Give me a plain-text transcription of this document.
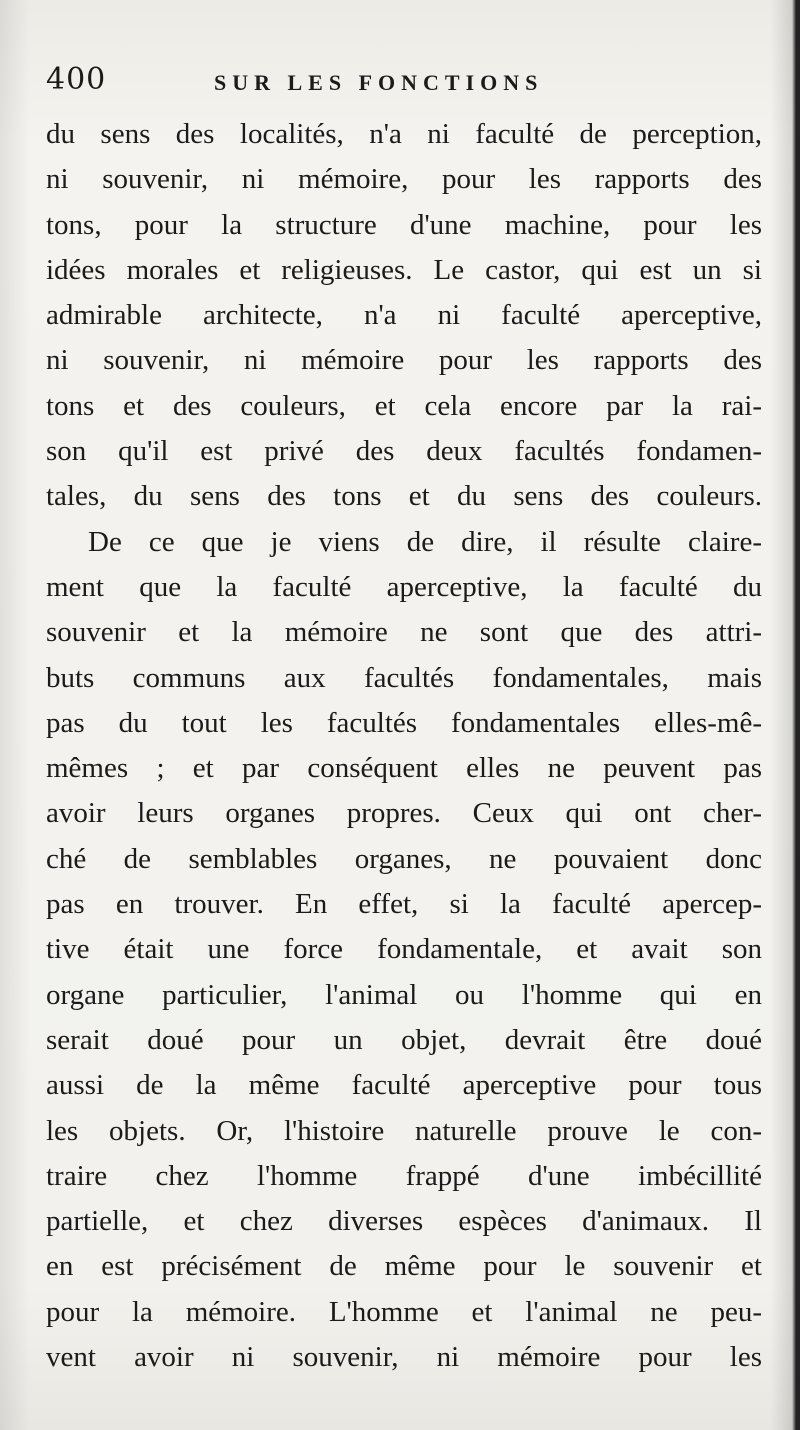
400	SUR LES FONCTIONS
du sens des localités, n'a ni faculté de perception,
ni souvenir, ni mémoire, pour les rapports des
tons, pour la structure d'une machine, pour les
idées morales et religieuses. Le castor, qui est un si
admirable architecte, n'a ni faculté aperceptive,
ni souvenir, ni mémoire pour les rapports des
tons et des couleurs, et cela encore par la rai-
son qu'il est privé des deux facultés fondamen-
tales, du sens des tons et du sens des couleurs.
De ce que je viens de dire, il résulte claire-
ment que la faculté aperceptive, la faculté du
souvenir et la mémoire ne sont que des attri-
buts communs aux facultés fondamentales, mais
pas du tout les facultés fondamentales elles-mê-
mêmes ; et par conséquent elles ne peuvent pas
avoir leurs organes propres. Ceux qui ont cher-
ché de semblables organes, ne pouvaient donc
pas en trouver. En effet, si la faculté apercep-
tive était une force fondamentale, et avait son
organe particulier, l'animal ou l'homme qui en
serait doué pour un objet, devrait être doué
aussi de la même faculté aperceptive pour tous
les objets. Or, l'histoire naturelle prouve le con-
traire chez l'homme frappé d'une imbécillité
partielle, et chez diverses espèces d'animaux. Il
en est précisément de même pour le souvenir et
pour la mémoire. L'homme et l'animal ne peu-
vent avoir ni souvenir, ni mémoire pour les
